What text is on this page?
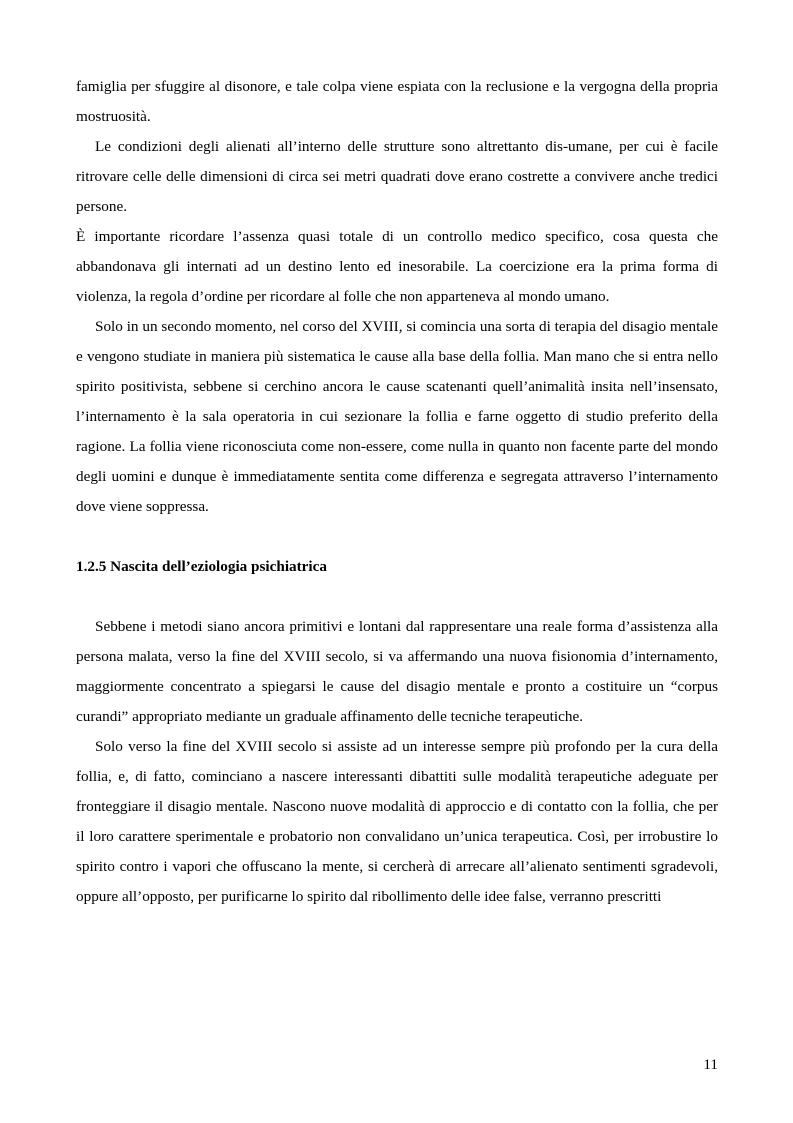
famiglia per sfuggire al disonore, e tale colpa viene espiata con la reclusione e la vergogna della propria mostruosità.

Le condizioni degli alienati all’interno delle strutture sono altrettanto dis-umane, per cui è facile ritrovare celle delle dimensioni di circa sei metri quadrati dove erano costrette a convivere anche tredici persone.

È importante ricordare l’assenza quasi totale di un controllo medico specifico, cosa questa che abbandonava gli internati ad un destino lento ed inesorabile. La coercizione era la prima forma di violenza, la regola d’ordine per ricordare al folle che non apparteneva al mondo umano.

Solo in un secondo momento, nel corso del XVIII, si comincia una sorta di terapia del disagio mentale e vengono studiate in maniera più sistematica le cause alla base della follia. Man mano che si entra nello spirito positivista, sebbene si cerchino ancora le cause scatenanti quell’animalità insita nell’insensato, l’internamento è la sala operatoria in cui sezionare la follia e farne oggetto di studio preferito della ragione. La follia viene riconosciuta come non-essere, come nulla in quanto non facente parte del mondo degli uomini e dunque è immediatamente sentita come differenza e segregata attraverso l’internamento dove viene soppressa.

1.2.5 Nascita dell’eziologia psichiatrica

Sebbene i metodi siano ancora primitivi e lontani dal rappresentare una reale forma d’assistenza alla persona malata, verso la fine del XVIII secolo, si va affermando una nuova fisionomia d’internamento, maggiormente concentrato a spiegarsi le cause del disagio mentale e pronto a costituire un “corpus curandi” appropriato mediante un graduale affinamento delle tecniche terapeutiche.

Solo verso la fine del XVIII secolo si assiste ad un interesse sempre più profondo per la cura della follia, e, di fatto, cominciano a nascere interessanti dibattiti sulle modalità terapeutiche adeguate per fronteggiare il disagio mentale. Nascono nuove modalità di approccio e di contatto con la follia, che per il loro carattere sperimentale e probatorio non convalidano un’unica terapeutica. Così, per irrobustire lo spirito contro i vapori che offuscano la mente, si cercherà di arrecare all’alienato sentimenti sgradevoli, oppure all’opposto, per purificarne lo spirito dal ribollimento delle idee false, verranno prescritti

11
